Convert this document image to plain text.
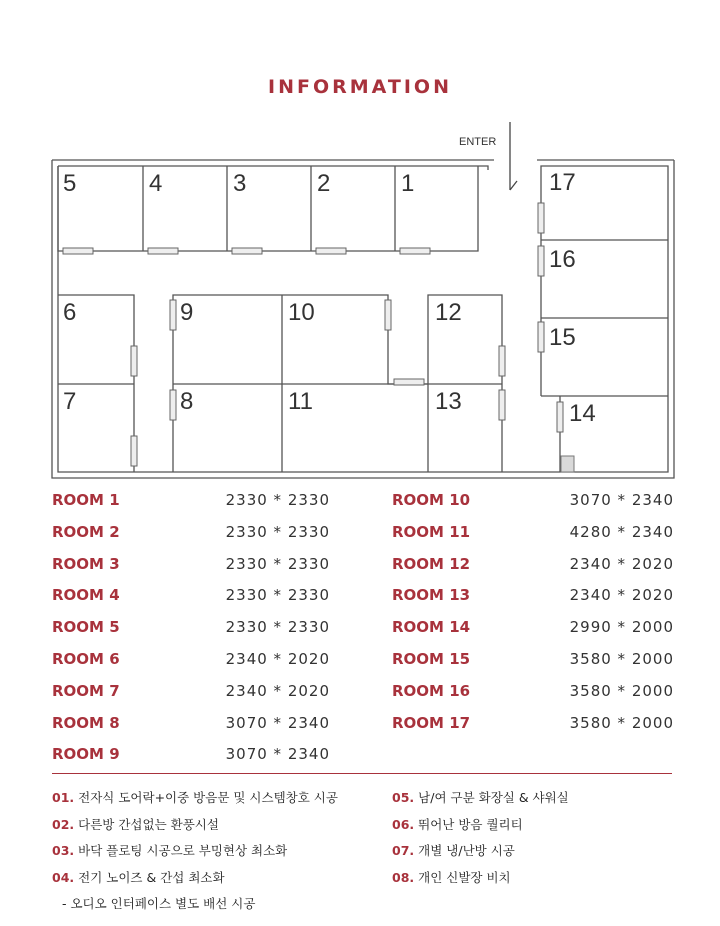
INFORMATION
ENTER
1
2
3
4
5
6
7	8
9	10
11
12
13	14
15
16
17
ROOM 1	2330 * 2330
ROOM 2	2330 * 2330
ROOM 3	2330 * 2330
ROOM 4	2330 * 2330
ROOM 5	2330 * 2330
ROOM 6	2340 * 2020
ROOM 7	2340 * 2020
ROOM 8	3070 * 2340
ROOM 9	3070 * 2340
ROOM 10	3070 * 2340
ROOM 11	4280 * 2340
ROOM 12	2340 * 2020
ROOM 13	2340 * 2020
ROOM 14	2990 * 2000
ROOM 15	3580 * 2000
ROOM 16	3580 * 2000
ROOM 17	3580 * 2000
01. 전자식 도어락+이중 방음문 및 시스템창호 시공
02. 다른방 간섭없는 환풍시설
03. 바닥 플로팅 시공으로 부밍현상 최소화
04. 전기 노이즈 & 간섭 최소화
05. 남/여 구분 화장실 & 샤워실
06. 뛰어난 방음 퀄리티
07. 개별 냉/난방 시공
08. 개인 신발장 비치
- 오디오 인터페이스 별도 배선 시공
